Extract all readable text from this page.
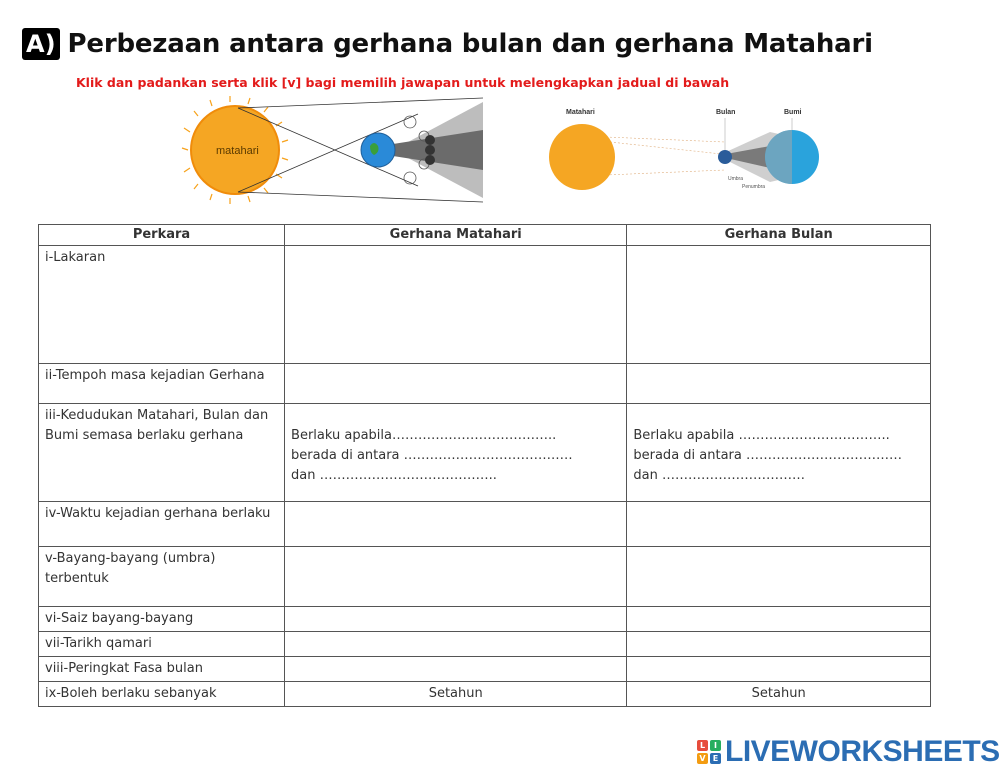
A) Perbezaan antara gerhana bulan dan gerhana Matahari
Klik dan padankan serta klik [v] bagi memilih jawapan untuk melengkapkan jadual di bawah
matahari
Matahari	Bulan	Bumi
Umbra
Penumbra
Perkara	Gerhana Matahari	Gerhana Bulan
i-Lakaran		
ii-Tempoh masa kejadian Gerhana		
iii-Kedudukan Matahari, Bulan dan Bumi semasa berlaku gerhana	Berlaku apabila………………………………..
berada di antara …………………………………
dan …………………………………..	Berlaku apabila ……………………………..
berada di antara ………………………………
dan ……………………………

iv-Waktu kejadian gerhana berlaku		
v-Bayang-bayang (umbra) terbentuk		
vi-Saiz bayang-bayang		
vii-Tarikh qamari		
viii-Peringkat Fasa bulan		
ix-Boleh berlaku sebanyak	Setahun	Setahun
L	I
V E LIVEWORKSHEETS
